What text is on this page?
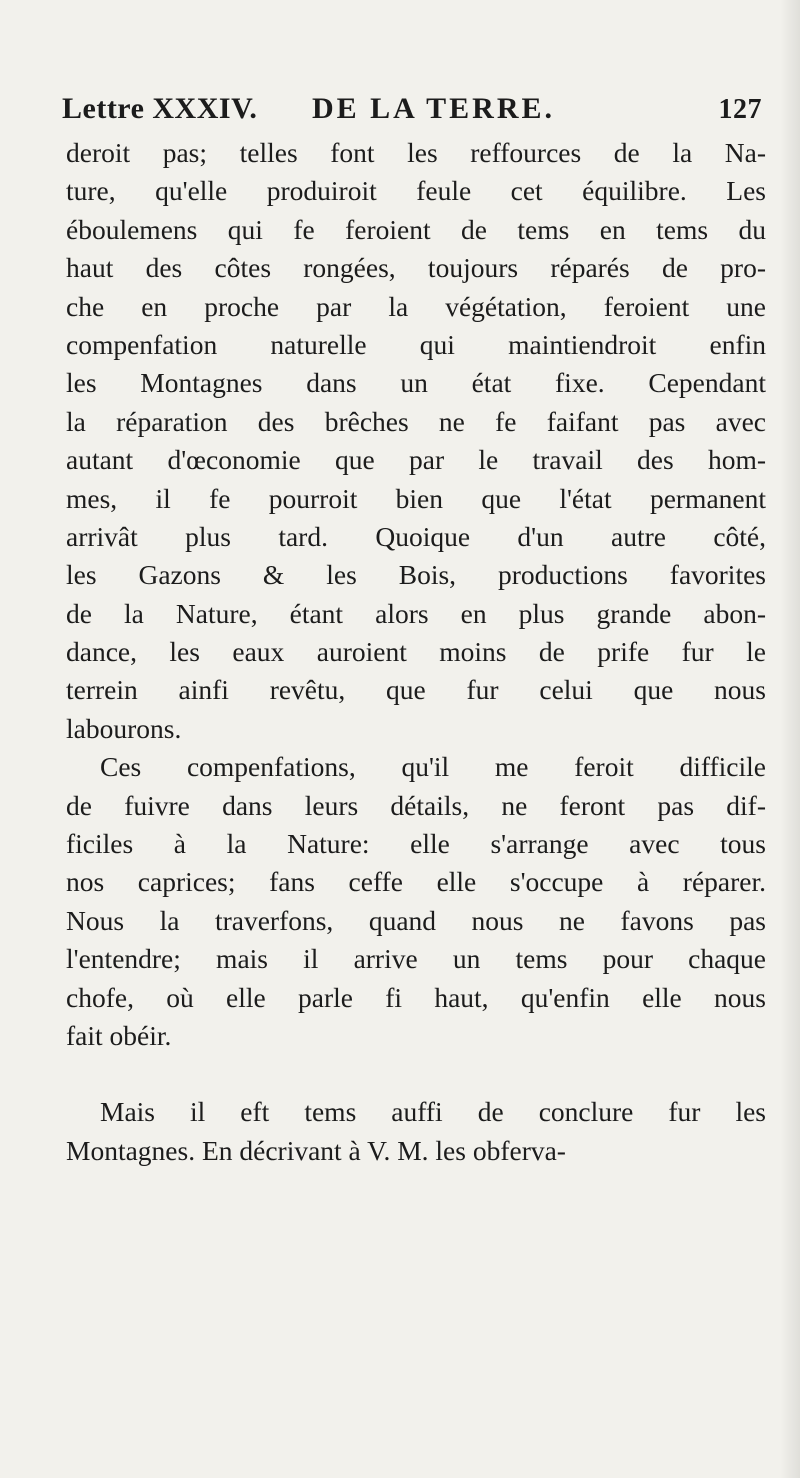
Lettre XXXIV. DE LA TERRE.	127
deroit pas; telles font les reffources de la Na-
ture, qu'elle produiroit feule cet équilibre. Les
éboulemens qui fe feroient de tems en tems du
haut des côtes rongées, toujours réparés de pro-
che en proche par la végétation, feroient une
compenfation naturelle qui maintiendroit enfin
les Montagnes dans un état fixe. Cependant
la réparation des brêches ne fe faifant pas avec
autant d'œconomie que par le travail des hom-
mes, il fe pourroit bien que l'état permanent
arrivât plus tard. Quoique d'un autre côté,
les Gazons & les Bois, productions favorites
de la Nature, étant alors en plus grande abon-
dance, les eaux auroient moins de prife fur le
terrein ainfi revêtu, que fur celui que nous
labourons.
Ces compenfations, qu'il me feroit difficile
de fuivre dans leurs détails, ne feront pas dif-
ficiles à la Nature: elle s'arrange avec tous
nos caprices; fans ceffe elle s'occupe à réparer.
Nous la traverfons, quand nous ne favons pas
l'entendre; mais il arrive un tems pour chaque
chofe, où elle parle fi haut, qu'enfin elle nous
fait obéir.
Mais il eft tems auffi de conclure fur les
Montagnes. En décrivant à V. M. les obferva-
